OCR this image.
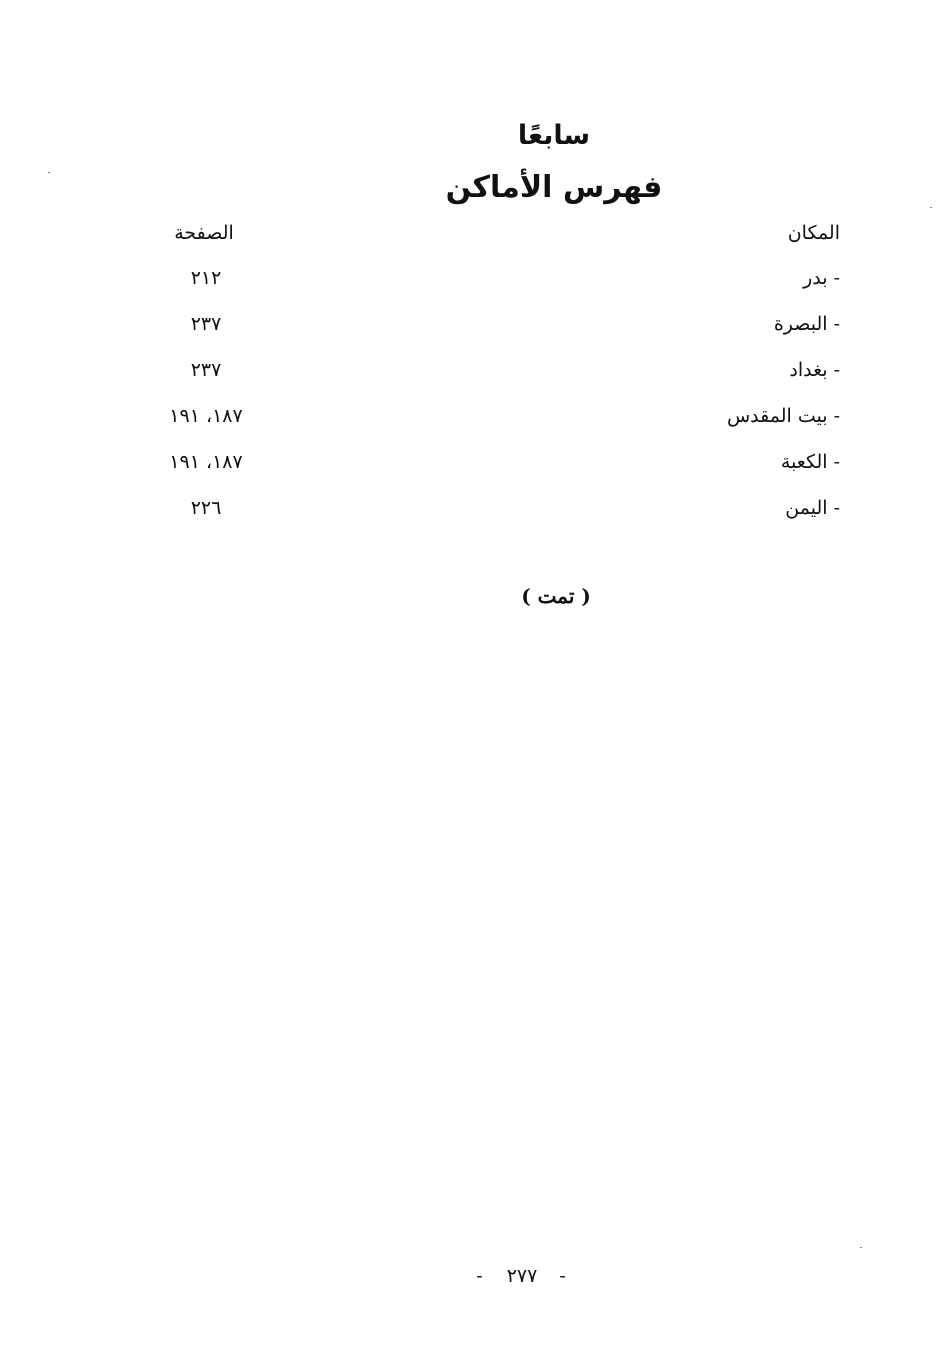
سابعًا
فهرس الأماكن
المكان
الصفحة
- بدر
٢١٢
- البصرة
٢٣٧
- بغداد
٢٣٧
- بيت المقدس
١٨٧، ١٩١
- الكعبة
١٨٧، ١٩١
- اليمن
٢٢٦
( تمت )
- ٢٧٧ -
